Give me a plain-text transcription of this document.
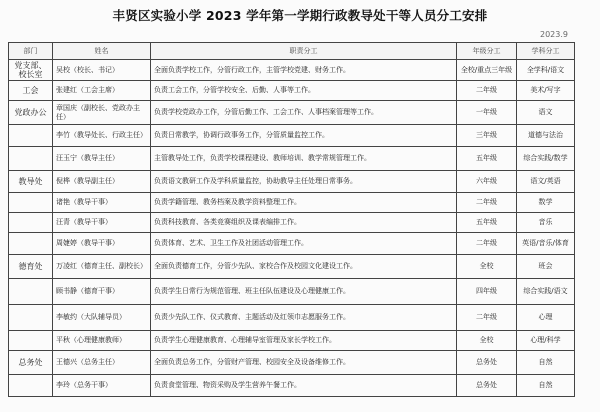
丰贤区实验小学 2023 学年第一学期行政教导处干等人员分工安排
2023.9
部门	姓名	职责分工	年级分工	学科分工
党支部、校长室	吴校（校长、书记）	全面负责学校工作，分管行政工作，主管学校党建、财务工作。	全校/重点三年级	全学科/语文
工会	张建红（工会主席）	负责工会工作，分管学校安全、后勤、人事等工作。	二年级	美术/写字
党政办公	章国庆（副校长、党政办主任）	负责学校党政办工作，分管后勤工作、工会工作、人事档案管理等工作。	一年级	语文
	李竹（教导处长、行政主任）	负责日常教学，协调行政事务工作，分管质量监控工作。	三年级	道德与法治
	汪玉宁（教导主任）	主管教导处工作，负责学校课程建设、教师培训、教学常规管理工作。	五年级	综合实践/数学
教导处	倪桦（教导副主任）	负责语文教研工作及学科质量监控，协助教导主任处理日常事务。	六年级	语文/英语
	诸艳（教导干事）	负责学籍管理、教务档案及教学资料整理工作。	二年级	数学
	汪青（教导干事）	负责科技教育、各类竞赛组织及课表编排工作。	五年级	音乐
	周婕婷（教导干事）	负责体育、艺术、卫生工作及社团活动管理工作。	二年级	英语/音乐/体育
德育处	万凌红（德育主任、副校长）	全面负责德育工作，分管少先队、家校合作及校园文化建设工作。	全校	班会
	顾书静（德育干事）	负责学生日常行为规范管理、班主任队伍建设及心理健康工作。	四年级	综合实践/语文
	李敏约（大队辅导员）	负责少先队工作、仪式教育、主题活动及红领巾志愿服务工作。	二年级	心理
	平秋（心理健康教师）	负责学生心理健康教育、心理辅导室管理及家长学校工作。	全校	心理/科学
总务处	王德兴（总务主任）	全面负责总务工作，分管财产管理、校园安全及设备维修工作。	总务处	自然
	李玲（总务干事）	负责食堂管理、物资采购及学生营养午餐工作。	总务处	自然
